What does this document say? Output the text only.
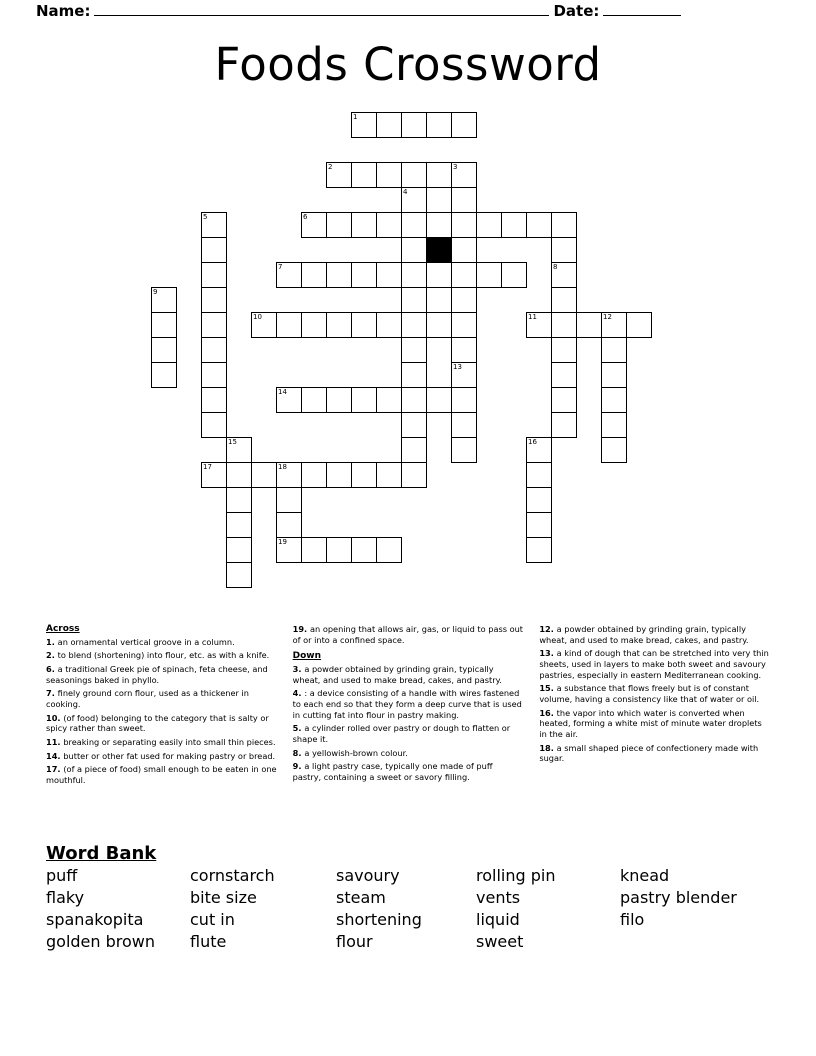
Name:	Date:
Foods Crossword
1
2	3
4
5	6
7	8
9
10	11	12
13
14
15	16
17	18
19
Across

1. an ornamental vertical groove in a column.

2. to blend (shortening) into flour, etc. as with a knife.

6. a traditional Greek pie of spinach, feta cheese, and seasonings baked in phyllo.

7. finely ground corn flour, used as a thickener in cooking.

10. (of food) belonging to the category that is salty or spicy rather than sweet.

11. breaking or separating easily into small thin pieces.

14. butter or other fat used for making pastry or bread.

17. (of a piece of food) small enough to be eaten in one mouthful.

19. an opening that allows air, gas, or liquid to pass out of or into a confined space.

Down

3. a powder obtained by grinding grain, typically wheat, and used to make bread, cakes, and pastry.

4. : a device consisting of a handle with wires fastened to each end so that they form a deep curve that is used in cutting fat into flour in pastry making.

5. a cylinder rolled over pastry or dough to flatten or shape it.

8. a yellowish-brown colour.

9. a light pastry case, typically one made of puff pastry, containing a sweet or savory filling.

12. a powder obtained by grinding grain, typically wheat, and used to make bread, cakes, and pastry.

13. a kind of dough that can be stretched into very thin sheets, used in layers to make both sweet and savoury pastries, especially in eastern Mediterranean cooking.

15. a substance that flows freely but is of constant volume, having a consistency like that of water or oil.

16. the vapor into which water is converted when heated, forming a white mist of minute water droplets in the air.

18. a small shaped piece of confectionery made with sugar.

Word Bank
puff	cornstarch	savoury	rolling pin	knead
flaky	bite size	steam	vents	pastry blender
spanakopita	cut in	shortening	liquid	filo
golden brown	flute	flour	sweet
